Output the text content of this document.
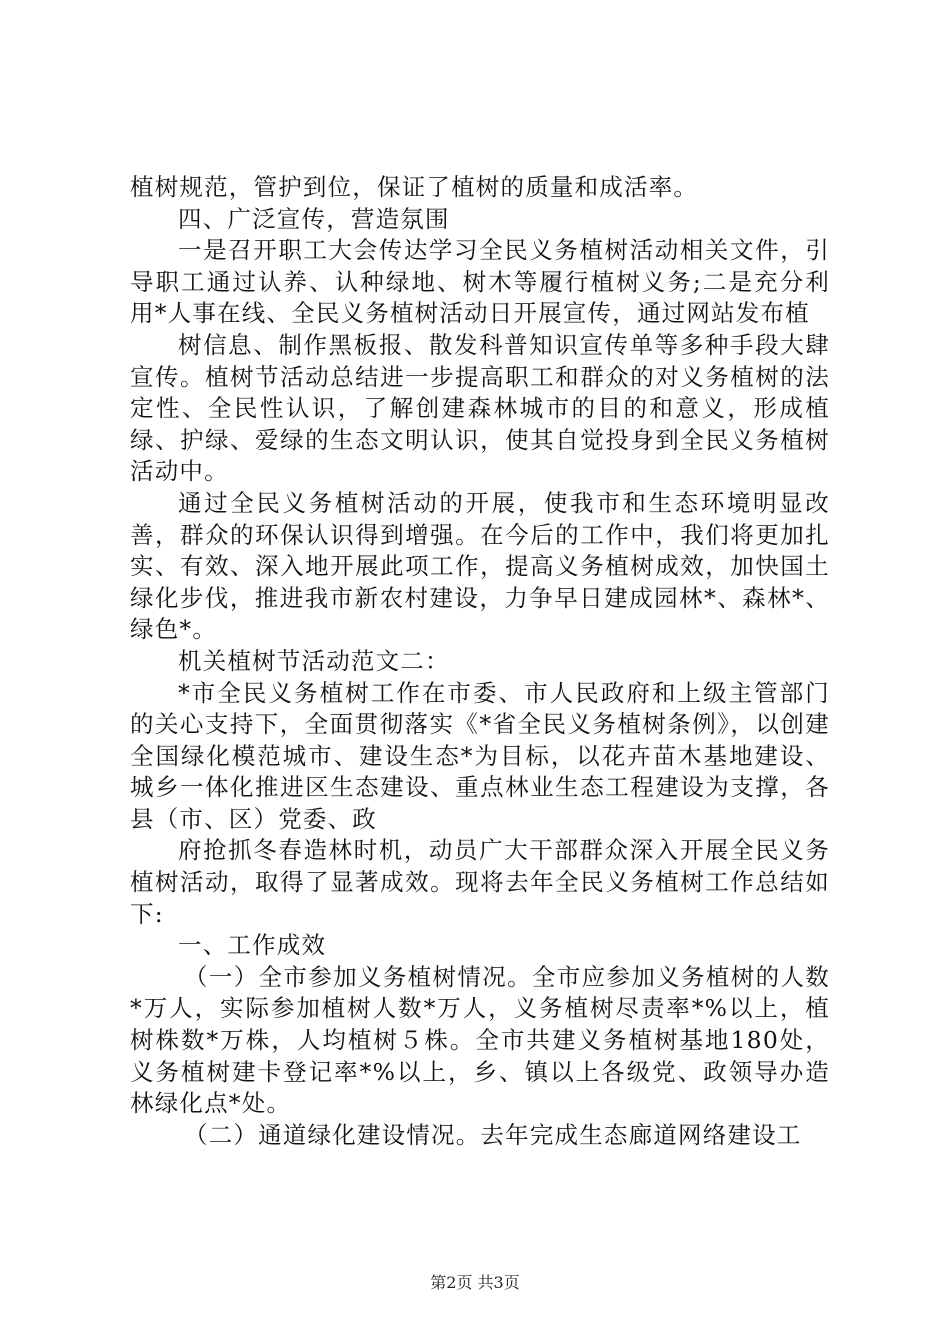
植树规范，管护到位，保证了植树的质量和成活率。

四、广泛宣传，营造氛围

一是召开职工大会传达学习全民义务植树活动相关文件，引导职工通过认养、认种绿地、树木等履行植树义务;二是充分利用*人事在线、全民义务植树活动日开展宣传，通过网站发布植

树信息、制作黑板报、散发科普知识宣传单等多种手段大肆宣传。植树节活动总结进一步提高职工和群众的对义务植树的法定性、全民性认识，了解创建森林城市的目的和意义，形成植绿、护绿、爱绿的生态文明认识，使其自觉投身到全民义务植树活动中。

通过全民义务植树活动的开展，使我市和生态环境明显改善，群众的环保认识得到增强。在今后的工作中，我们将更加扎实、有效、深入地开展此项工作，提高义务植树成效，加快国土绿化步伐，推进我市新农村建设，力争早日建成园林*、森林*、绿色*。

机关植树节活动范文二：

*市全民义务植树工作在市委、市人民政府和上级主管部门的关心支持下，全面贯彻落实《*省全民义务植树条例》，以创建全国绿化模范城市、建设生态*为目标，以花卉苗木基地建设、城乡一体化推进区生态建设、重点林业生态工程建设为支撑，各县（市、区）党委、政

府抢抓冬春造林时机，动员广大干部群众深入开展全民义务植树活动，取得了显著成效。现将去年全民义务植树工作总结如下:

一、工作成效

（一）全市参加义务植树情况。全市应参加义务植树的人数*万人，实际参加植树人数*万人，义务植树尽责率*%以上，植树株数*万株，人均植树５株。全市共建义务植树基地180处，义务植树建卡登记率*%以上，乡、镇以上各级党、政领导办造林绿化点*处。

（二）通道绿化建设情况。去年完成生态廊道网络建设工

第2页 共3页
